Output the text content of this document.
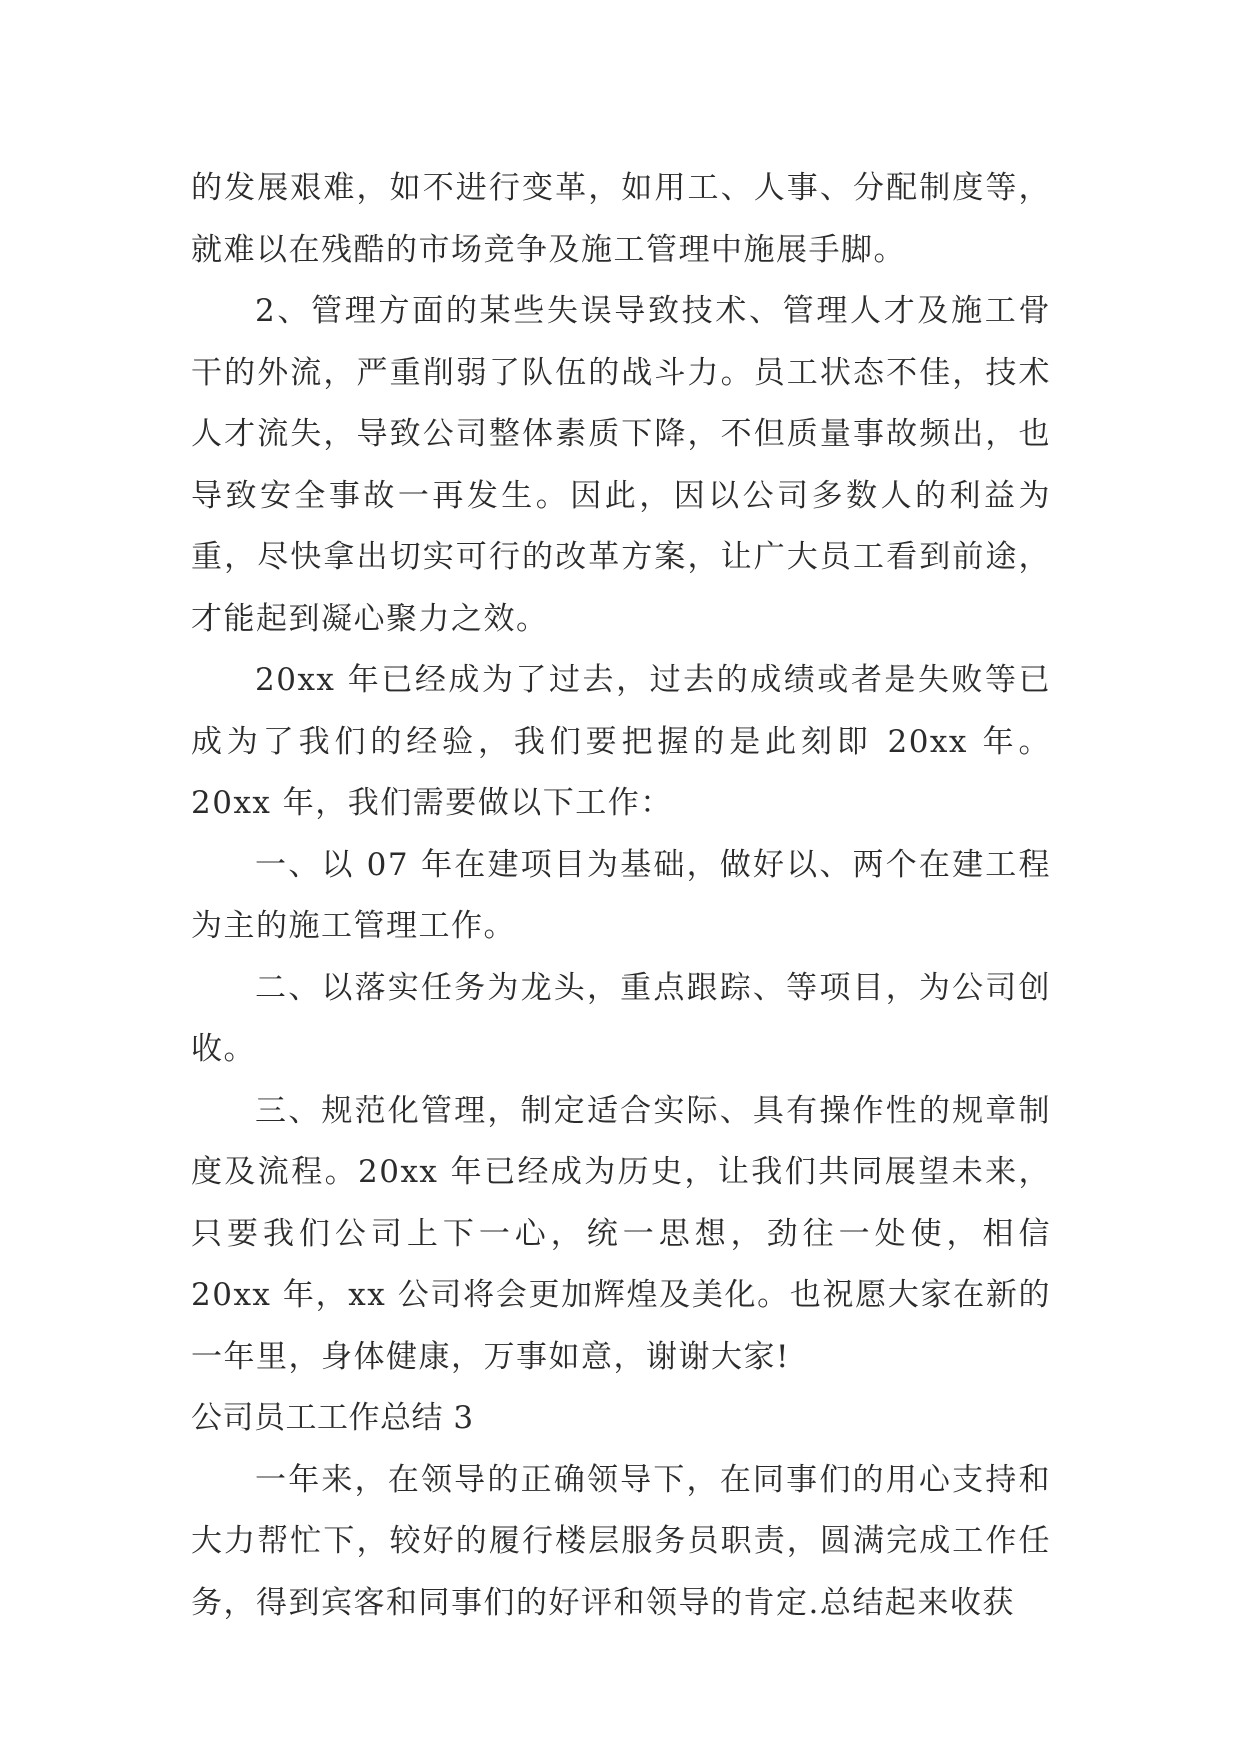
的发展艰难，如不进行变革，如用工、人事、分配制度等，就难以在残酷的市场竞争及施工管理中施展手脚。

2、管理方面的某些失误导致技术、管理人才及施工骨干的外流，严重削弱了队伍的战斗力。员工状态不佳，技术人才流失，导致公司整体素质下降，不但质量事故频出，也导致安全事故一再发生。因此，因以公司多数人的利益为重，尽快拿出切实可行的改革方案，让广大员工看到前途，才能起到凝心聚力之效。

20xx 年已经成为了过去，过去的成绩或者是失败等已成为了我们的经验，我们要把握的是此刻即 20xx 年。20xx 年，我们需要做以下工作：

一、以 07 年在建项目为基础，做好以、两个在建工程为主的施工管理工作。

二、以落实任务为龙头，重点跟踪、等项目，为公司创收。

三、规范化管理，制定适合实际、具有操作性的规章制度及流程。20xx 年已经成为历史，让我们共同展望未来，只要我们公司上下一心，统一思想，劲往一处使，相信 20xx 年，xx 公司将会更加辉煌及美化。也祝愿大家在新的一年里，身体健康，万事如意，谢谢大家!

公司员工工作总结 3

一年来，在领导的正确领导下，在同事们的用心支持和大力帮忙下，较好的履行楼层服务员职责，圆满完成工作任务，得到宾客和同事们的好评和领导的肯定.总结起来收获
